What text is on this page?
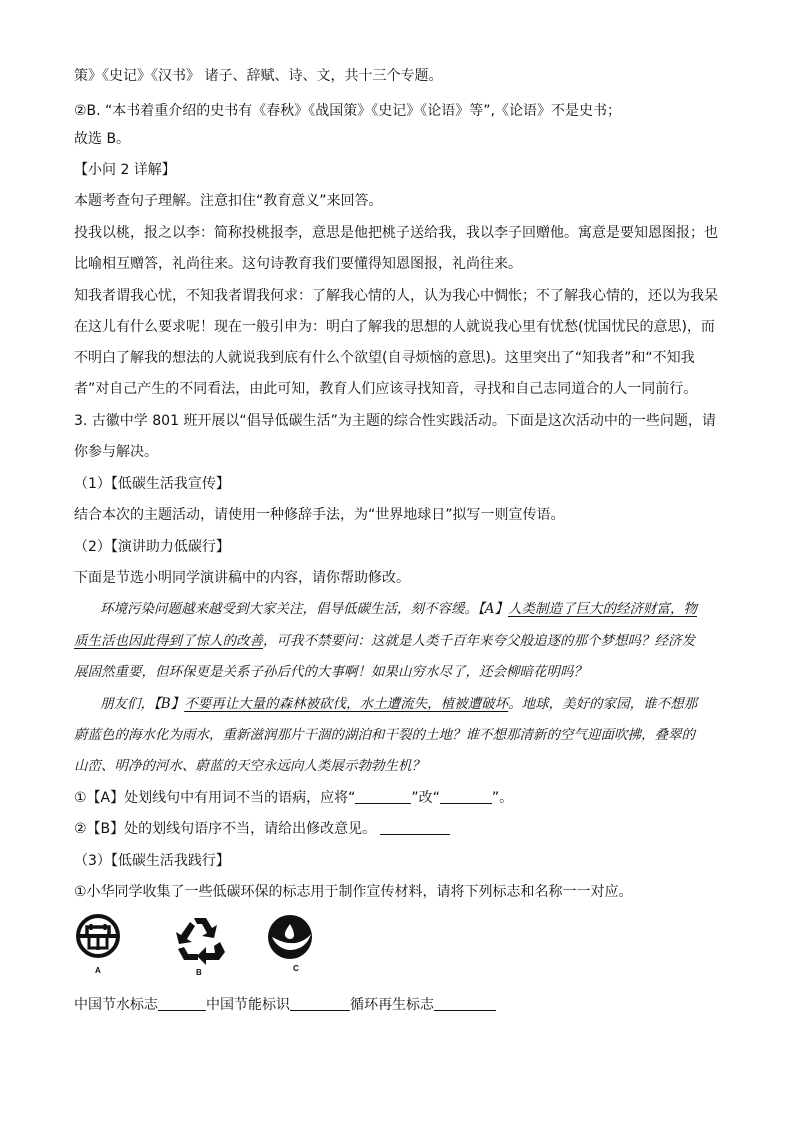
策》《史记》《汉书》 诸子、辞赋、诗、文，共十三个专题。
②B. “本书着重介绍的史书有《春秋》《战国策》《史记》《论语》等”,《论语》不是史书；
故选 B。
【小问 2 详解】
本题考查句子理解。注意扣住“教育意义”来回答。
投我以桃，报之以李：简称投桃报李，意思是他把桃子送给我，我以李子回赠他。寓意是要知恩图报；也
比喻相互赠答，礼尚往来。这句诗教育我们要懂得知恩图报，礼尚往来。
知我者谓我心忧，不知我者谓我何求：了解我心情的人，认为我心中惆怅；不了解我心情的，还以为我呆
在这儿有什么要求呢！现在一般引申为：明白了解我的思想的人就说我心里有忧愁(忧国忧民的意思)，而
不明白了解我的想法的人就说我到底有什么个欲望(自寻烦恼的意思)。这里突出了“知我者”和“不知我
者”对自己产生的不同看法，由此可知，教育人们应该寻找知音，寻找和自己志同道合的人一同前行。
3. 古徽中学 801 班开展以“倡导低碳生活”为主题的综合性实践活动。下面是这次活动中的一些问题，请
你参与解决。
（1）【低碳生活我宣传】
结合本次的主题活动，请使用一种修辞手法，为“世界地球日”拟写一则宣传语。
（2）【演讲助力低碳行】
下面是节选小明同学演讲稿中的内容，请你帮助修改。
环境污染问题越来越受到大家关注，倡导低碳生活，刻不容缓。【A】人类制造了巨大的经济财富，物
质生活也因此得到了惊人的改善，可我不禁要问：这就是人类千百年来夸父般追逐的那个梦想吗？经济发
展固然重要，但环保更是关系子孙后代的大事啊！如果山穷水尽了，还会柳暗花明吗？
朋友们，【B】不要再让大量的森林被砍伐，水土遭流失，植被遭破坏。地球，美好的家园，谁不想那
蔚蓝色的海水化为雨水，重新滋润那片干涸的湖泊和干裂的土地？谁不想那清新的空气迎面吹拂，叠翠的
山峦、明净的河水、蔚蓝的天空永远向人类展示勃勃生机？
①【A】处划线句中有用词不当的语病，应将“	”改“	”。
②【B】处的划线句语序不当，请给出修改意见。
（3）【低碳生活我践行】
①小华同学收集了一些低碳环保的标志用于制作宣传材料，请将下列标志和名称一一对应。
A	B	C
中国节水标志	中国节能标识	循环再生标志
